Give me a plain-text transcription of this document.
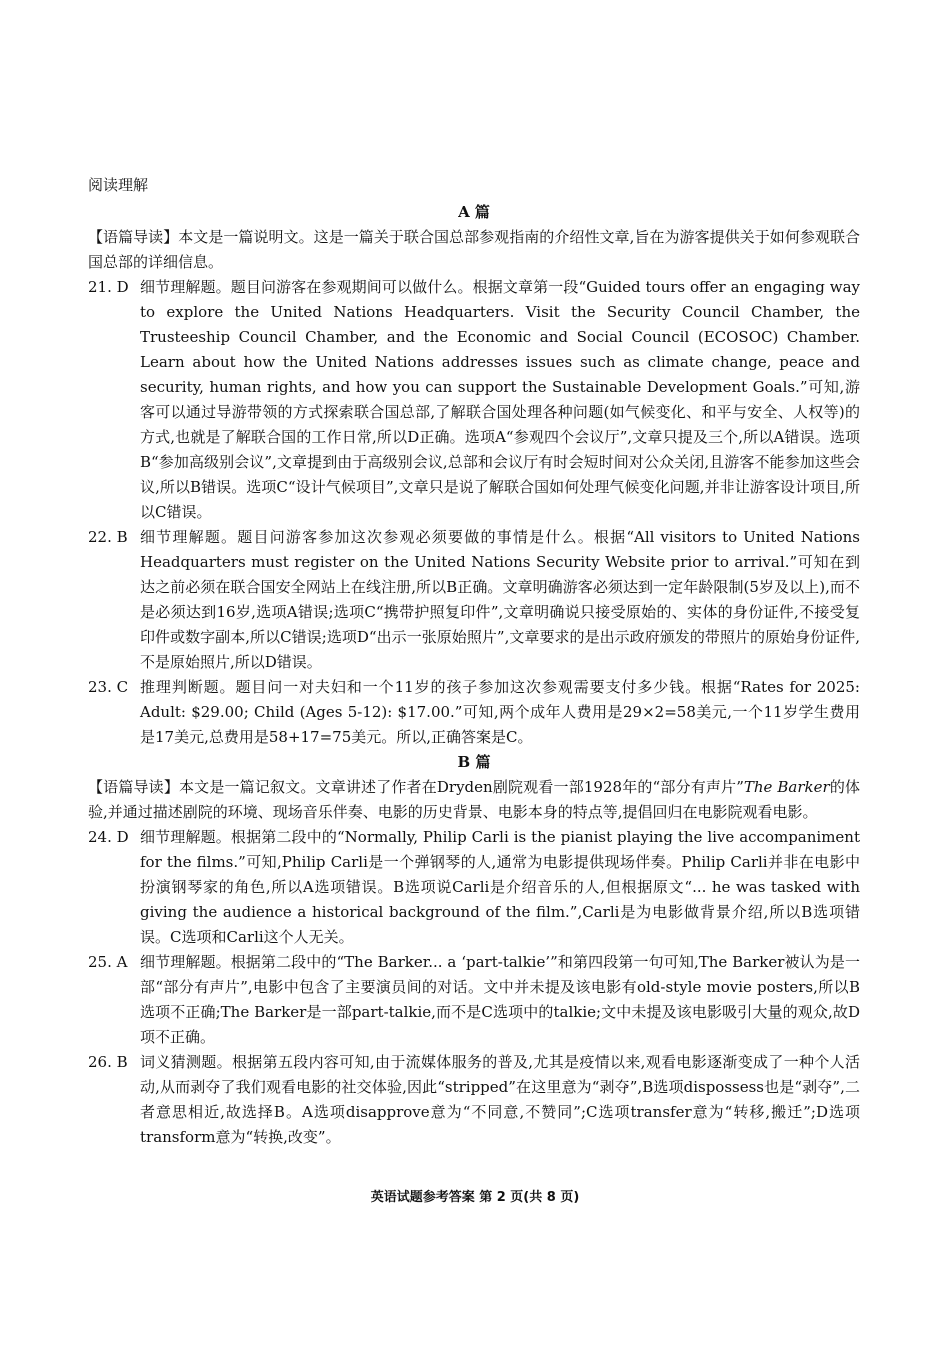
阅读理解

A 篇

【语篇导读】本文是一篇说明文。这是一篇关于联合国总部参观指南的介绍性文章,旨在为游客提供关于如何参观联合国总部的详细信息。

21. D 细节理解题。题目问游客在参观期间可以做什么。根据文章第一段“Guided tours offer an engaging way to explore the United Nations Headquarters. Visit the Security Council Chamber, the Trusteeship Council Chamber, and the Economic and Social Council (ECOSOC) Chamber. Learn about how the United Nations addresses issues such as climate change, peace and security, human rights, and how you can support the Sustainable Development Goals.”可知,游客可以通过导游带领的方式探索联合国总部,了解联合国处理各种问题(如气候变化、和平与安全、人权等)的方式,也就是了解联合国的工作日常,所以D正确。选项A“参观四个会议厅”,文章只提及三个,所以A错误。选项B“参加高级别会议”,文章提到由于高级别会议,总部和会议厅有时会短时间对公众关闭,且游客不能参加这些会议,所以B错误。选项C“设计气候项目”,文章只是说了解联合国如何处理气候变化问题,并非让游客设计项目,所以C错误。

22. B 细节理解题。题目问游客参加这次参观必须要做的事情是什么。根据“All visitors to United Nations Headquarters must register on the United Nations Security Website prior to arrival.”可知在到达之前必须在联合国安全网站上在线注册,所以B正确。文章明确游客必须达到一定年龄限制(5岁及以上),而不是必须达到16岁,选项A错误;选项C“携带护照复印件”,文章明确说只接受原始的、实体的身份证件,不接受复印件或数字副本,所以C错误;选项D“出示一张原始照片”,文章要求的是出示政府颁发的带照片的原始身份证件,不是原始照片,所以D错误。

23. C 推理判断题。题目问一对夫妇和一个11岁的孩子参加这次参观需要支付多少钱。根据“Rates for 2025: Adult: $29.00; Child (Ages 5-12): $17.00.”可知,两个成年人费用是29×2=58美元,一个11岁学生费用是17美元,总费用是58+17=75美元。所以,正确答案是C。

B 篇

【语篇导读】本文是一篇记叙文。文章讲述了作者在Dryden剧院观看一部1928年的“部分有声片”The Barker的体验,并通过描述剧院的环境、现场音乐伴奏、电影的历史背景、电影本身的特点等,提倡回归在电影院观看电影。

24. D 细节理解题。根据第二段中的“Normally, Philip Carli is the pianist playing the live accompaniment for the films.”可知,Philip Carli是一个弹钢琴的人,通常为电影提供现场伴奏。Philip Carli并非在电影中扮演钢琴家的角色,所以A选项错误。B选项说Carli是介绍音乐的人,但根据原文“... he was tasked with giving the audience a historical background of the film.”,Carli是为电影做背景介绍,所以B选项错误。C选项和Carli这个人无关。

25. A 细节理解题。根据第二段中的“The Barker... a ‘part-talkie’”和第四段第一句可知,The Barker被认为是一部“部分有声片”,电影中包含了主要演员间的对话。文中并未提及该电影有old-style movie posters,所以B选项不正确;The Barker是一部part-talkie,而不是C选项中的talkie;文中未提及该电影吸引大量的观众,故D项不正确。

26. B 词义猜测题。根据第五段内容可知,由于流媒体服务的普及,尤其是疫情以来,观看电影逐渐变成了一种个人活动,从而剥夺了我们观看电影的社交体验,因此“stripped”在这里意为“剥夺”,B选项dispossess也是“剥夺”,二者意思相近,故选择B。A选项disapprove意为“不同意,不赞同”;C选项transfer意为“转移,搬迁”;D选项transform意为“转换,改变”。

英语试题参考答案 第 2 页(共 8 页)
